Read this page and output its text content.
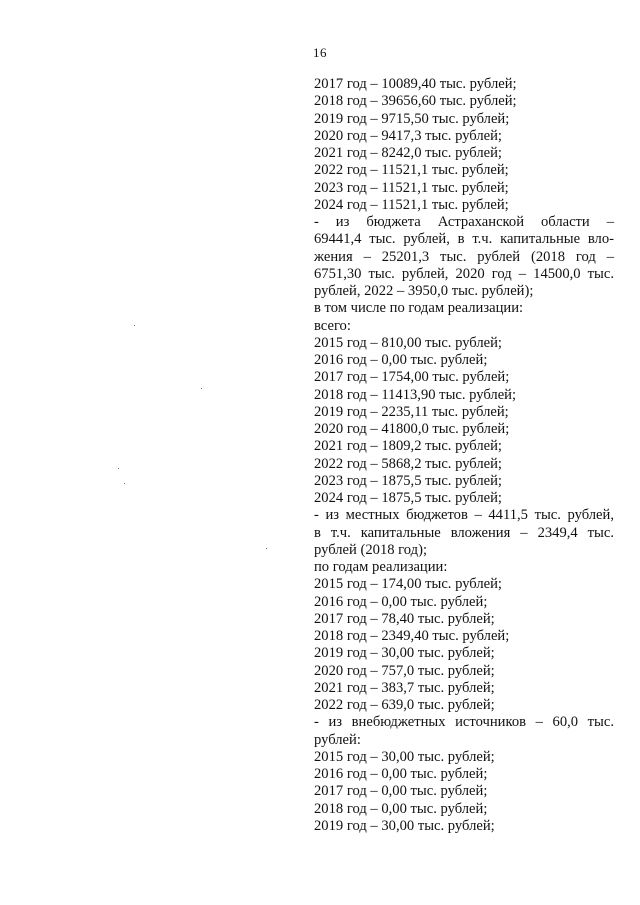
16
2017 год – 10089,40 тыс. рублей;
2018 год – 39656,60 тыс. рублей;
2019 год – 9715,50 тыс. рублей;
2020 год – 9417,3 тыс. рублей;
2021 год – 8242,0 тыс. рублей;
2022 год – 11521,1 тыс. рублей;
2023 год – 11521,1 тыс. рублей;
2024 год – 11521,1 тыс. рублей;
- из бюджета Астраханской области –
69441,4 тыс. рублей, в т.ч. капитальные вло-
жения – 25201,3 тыс. рублей (2018 год –
6751,30 тыс. рублей, 2020 год – 14500,0 тыс.
рублей, 2022 – 3950,0 тыс. рублей);
в том числе по годам реализации:
всего:
2015 год – 810,00 тыс. рублей;
2016 год – 0,00 тыс. рублей;
2017 год – 1754,00 тыс. рублей;
2018 год – 11413,90 тыс. рублей;
2019 год – 2235,11 тыс. рублей;
2020 год – 41800,0 тыс. рублей;
2021 год – 1809,2 тыс. рублей;
2022 год – 5868,2 тыс. рублей;
2023 год – 1875,5 тыс. рублей;
2024 год – 1875,5 тыс. рублей;
- из местных бюджетов – 4411,5 тыс. рублей,
в т.ч. капитальные вложения – 2349,4 тыс.
рублей (2018 год);
по годам реализации:
2015 год – 174,00 тыс. рублей;
2016 год – 0,00 тыс. рублей;
2017 год – 78,40 тыс. рублей;
2018 год – 2349,40 тыс. рублей;
2019 год – 30,00 тыс. рублей;
2020 год – 757,0 тыс. рублей;
2021 год – 383,7 тыс. рублей;
2022 год – 639,0 тыс. рублей;
- из внебюджетных источников – 60,0 тыс.
рублей:
2015 год – 30,00 тыс. рублей;
2016 год – 0,00 тыс. рублей;
2017 год – 0,00 тыс. рублей;
2018 год – 0,00 тыс. рублей;
2019 год – 30,00 тыс. рублей;
